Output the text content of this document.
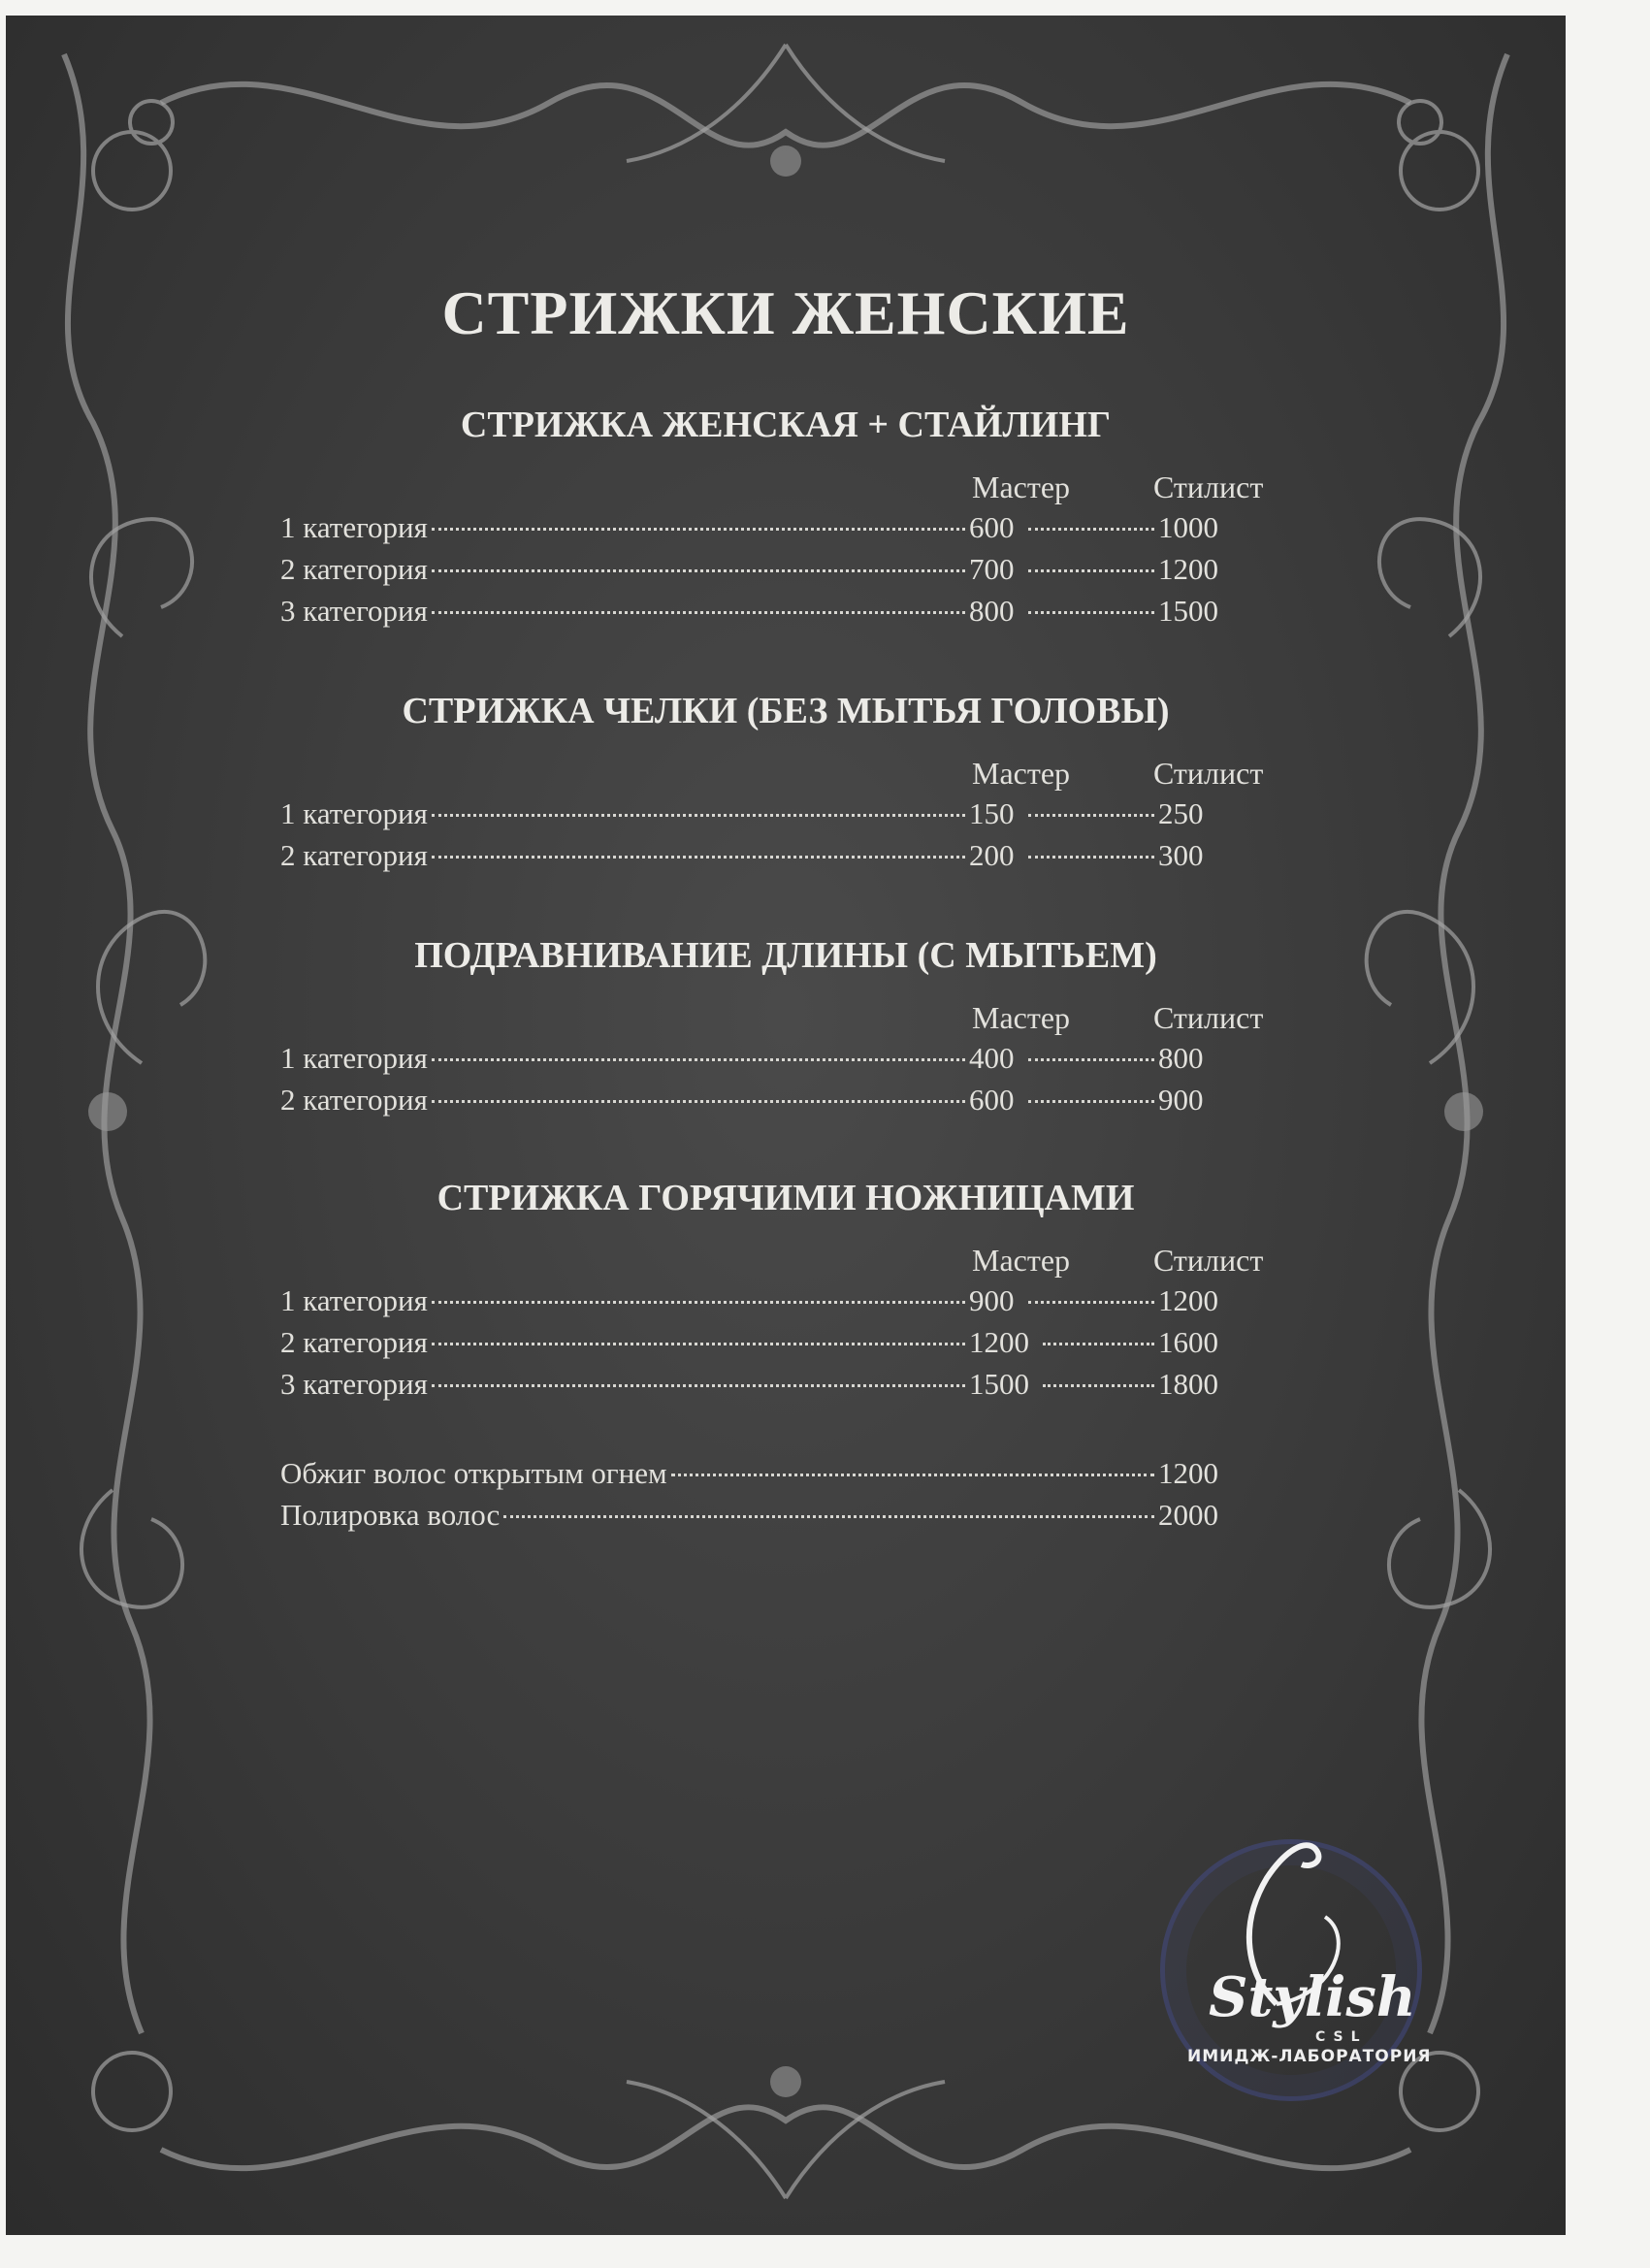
СТРИЖКИ ЖЕНСКИЕ
СТРИЖКА ЖЕНСКАЯ + СТАЙЛИНГ
Мастер	Стилист
1 категория	600	1000
2 категория	700	1200
3 категория	800	1500
СТРИЖКА ЧЕЛКИ (БЕЗ МЫТЬЯ ГОЛОВЫ)
Мастер	Стилист
1 категория	150	250
2 категория	200	300
ПОДРАВНИВАНИЕ ДЛИНЫ (С МЫТЬЕМ)
Мастер	Стилист
1 категория	400	800
2 категория	600	900
СТРИЖКА ГОРЯЧИМИ НОЖНИЦАМИ
Мастер	Стилист
1 категория	900	1200
2 категория	1200	1600
3 категория	1500	1800
Обжиг волос открытым огнем	1200
Полировка волос	2000
Stylish
CSL
ИМИДЖ-ЛАБОРАТОРИЯ
